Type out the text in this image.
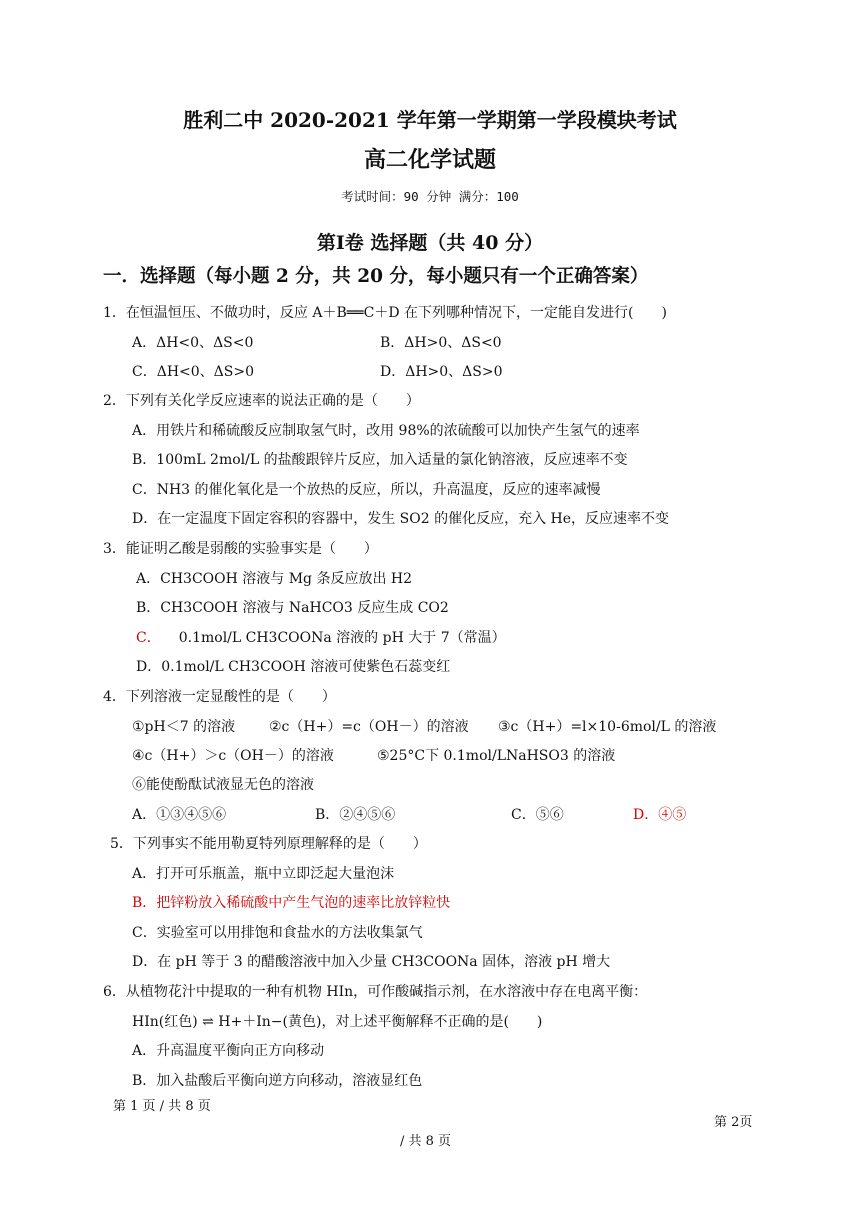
胜利二中 2020-2021 学年第一学期第一学段模块考试
高二化学试题
考试时间：90 分钟 满分：100
第Ⅰ卷 选择题（共 40 分）
一．选择题（每小题 2 分，共 20 分，每小题只有一个正确答案）
1．在恒温恒压、不做功时，反应 A＋B══C＋D 在下列哪种情况下，一定能自发进行(　　)
A．ΔH<0、ΔS<0	B．ΔH>0、ΔS<0
C．ΔH<0、ΔS>0	D．ΔH>0、ΔS>0
2．下列有关化学反应速率的说法正确的是（　　）
A．用铁片和稀硫酸反应制取氢气时，改用 98%的浓硫酸可以加快产生氢气的速率
B．100mL 2mol/L 的盐酸跟锌片反应，加入适量的氯化钠溶液，反应速率不变
C．NH3 的催化氧化是一个放热的反应，所以，升高温度，反应的速率减慢
D．在一定温度下固定容积的容器中，发生 SO2 的催化反应，充入 He，反应速率不变
3．能证明乙酸是弱酸的实验事实是（　　）
A．CH3COOH 溶液与 Mg 条反应放出 H2
B．CH3COOH 溶液与 NaHCO3 反应生成 CO2
C． 0.1mol/L CH3COONa 溶液的 pH 大于 7（常温）
D．0.1mol/L CH3COOH 溶液可使紫色石蕊变红
4．下列溶液一定显酸性的是（　　）
①pH＜7 的溶液 ②c（H+）=c（OH－）的溶液 ③c（H+）=l×10-6mol/L 的溶液
④c（H+）＞c（OH－）的溶液	⑤25°C下 0.1mol/LNaHSO3 的溶液
⑥能使酚酞试液显无色的溶液
A．①③④⑤⑥	B．②④⑤⑥	C．⑤⑥	D．④⑤
5．下列事实不能用勒夏特列原理解释的是（　　）
A．打开可乐瓶盖，瓶中立即泛起大量泡沫
B．把锌粉放入稀硫酸中产生气泡的速率比放锌粒快
C．实验室可以用排饱和食盐水的方法收集氯气
D．在 pH 等于 3 的醋酸溶液中加入少量 CH3COONa 固体，溶液 pH 增大
6．从植物花汁中提取的一种有机物 HIn，可作酸碱指示剂，在水溶液中存在电离平衡：
HIn(红色) ⇌ H+＋In−(黄色)，对上述平衡解释不正确的是(　　)
A．升高温度平衡向正方向移动
B．加入盐酸后平衡向逆方向移动，溶液显红色
第 1 页 / 共 8 页
第 2页
/ 共 8 页
